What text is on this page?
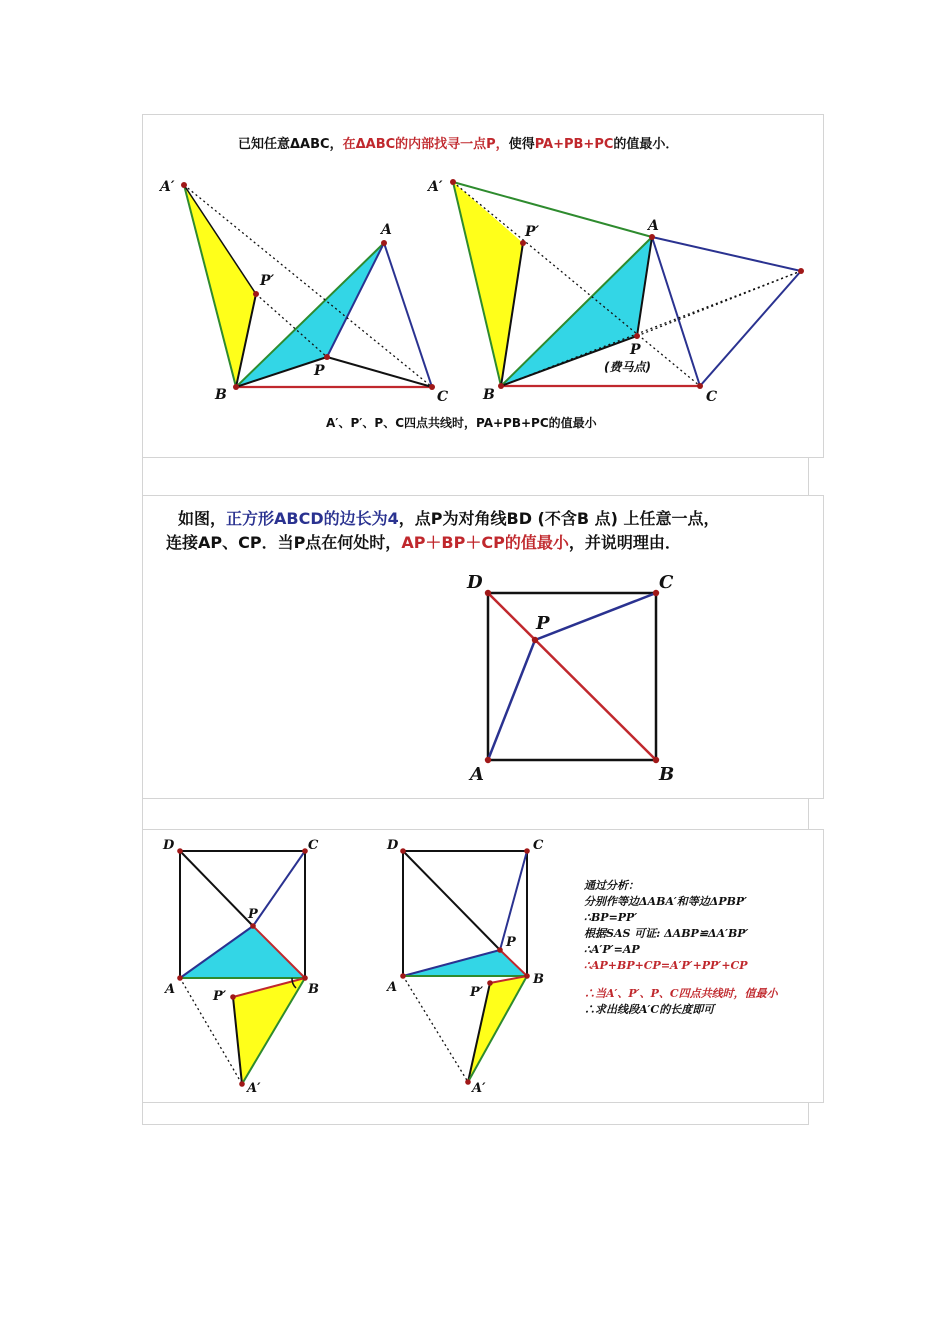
已知任意ΔABC，在ΔABC的内部找寻一点P，使得PA+PB+PC的值最小．
A′
P′
A
P
B	C
A′
P′	A
P
(费马点)
B	C
A′、P′、P、C四点共线时，PA+PB+PC的值最小
如图，正方形ABCD的边长为4，点P为对角线BD (不含B 点) 上任意一点，
连接AP、CP．当P点在何处时，AP＋BP＋CP的值最小，并说明理由．
D	C
P
A	B
D	C
P
A	B
P′
A′
D	C
P
A
B
P′
A′
通过分析：
分别作等边ΔABA′和等边ΔPBP′
∴BP=PP′
根据SAS 可证: ΔABP≌ΔA′BP′
∴A′P′=AP
∴AP+BP+CP=A′P′+PP′+CP
∴当A′、P′、P、C四点共线时，值最小
∴求出线段A′C的长度即可
